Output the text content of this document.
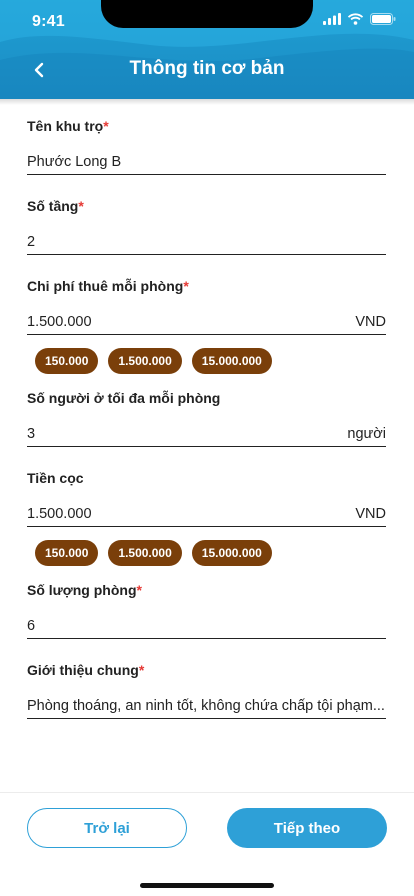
9:41
Thông tin cơ bản
Tên khu trọ*
Phước Long B
Số tầng*
2
Chi phí thuê mỗi phòng*
1.500.000	VND
150.000	1.500.000	15.000.000
Số người ở tối đa mỗi phòng
3	người
Tiền cọc
1.500.000	VND
150.000	1.500.000	15.000.000
Số lượng phòng*
6
Giới thiệu chung*
Phòng thoáng, an ninh tốt, không chứa chấp tội phạm...
Trở lại	Tiếp theo
